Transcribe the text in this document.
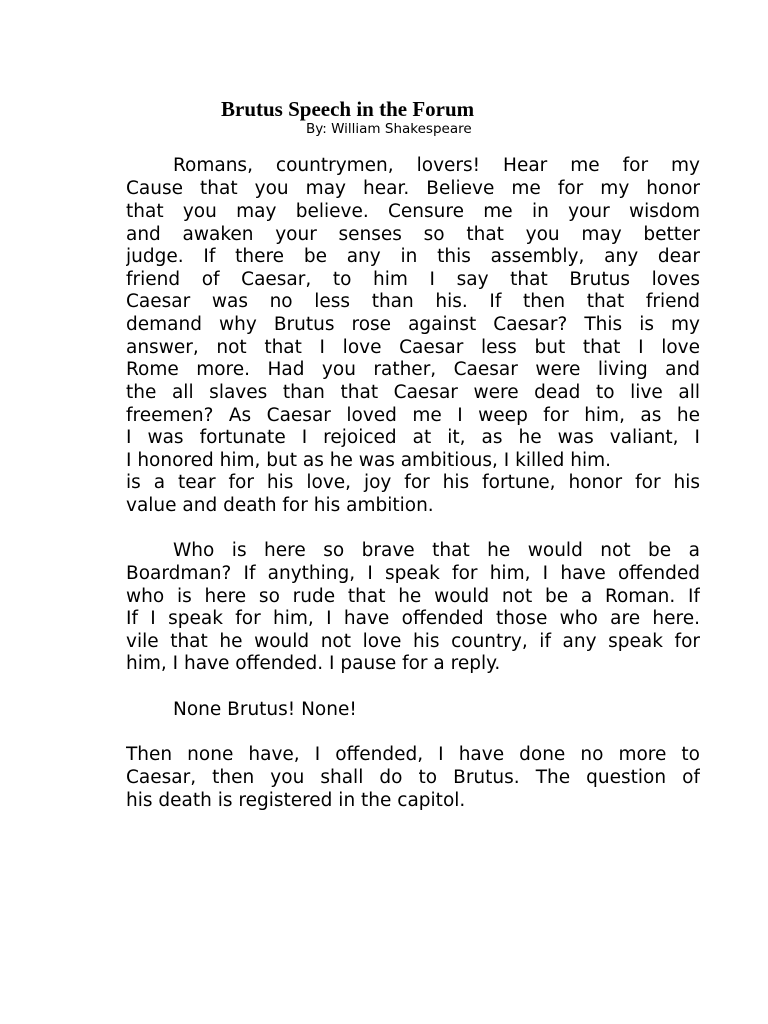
Brutus Speech in the Forum
By: William Shakespeare
Romans, countrymen, lovers! Hear me for my
Cause that you may hear. Believe me for my honor
that you may believe. Censure me in your wisdom
and awaken your senses so that you may better
judge. If there be any in this assembly, any dear
friend of Caesar, to him I say that Brutus loves
Caesar was no less than his. If then that friend
demand why Brutus rose against Caesar? This is my
answer, not that I love Caesar less but that I love
Rome more. Had you rather, Caesar were living and
the all slaves than that Caesar were dead to live all
freemen? As Caesar loved me I weep for him, as he
I was fortunate I rejoiced at it, as he was valiant, I
I honored him, but as he was ambitious, I killed him.
is a tear for his love, joy for his fortune, honor for his
value and death for his ambition.
Who is here so brave that he would not be a
Boardman? If anything, I speak for him, I have offended
who is here so rude that he would not be a Roman. If
If I speak for him, I have offended those who are here.
vile that he would not love his country, if any speak for
him, I have offended. I pause for a reply.
None Brutus! None!
Then none have, I offended, I have done no more to
Caesar, then you shall do to Brutus. The question of
his death is registered in the capitol.
